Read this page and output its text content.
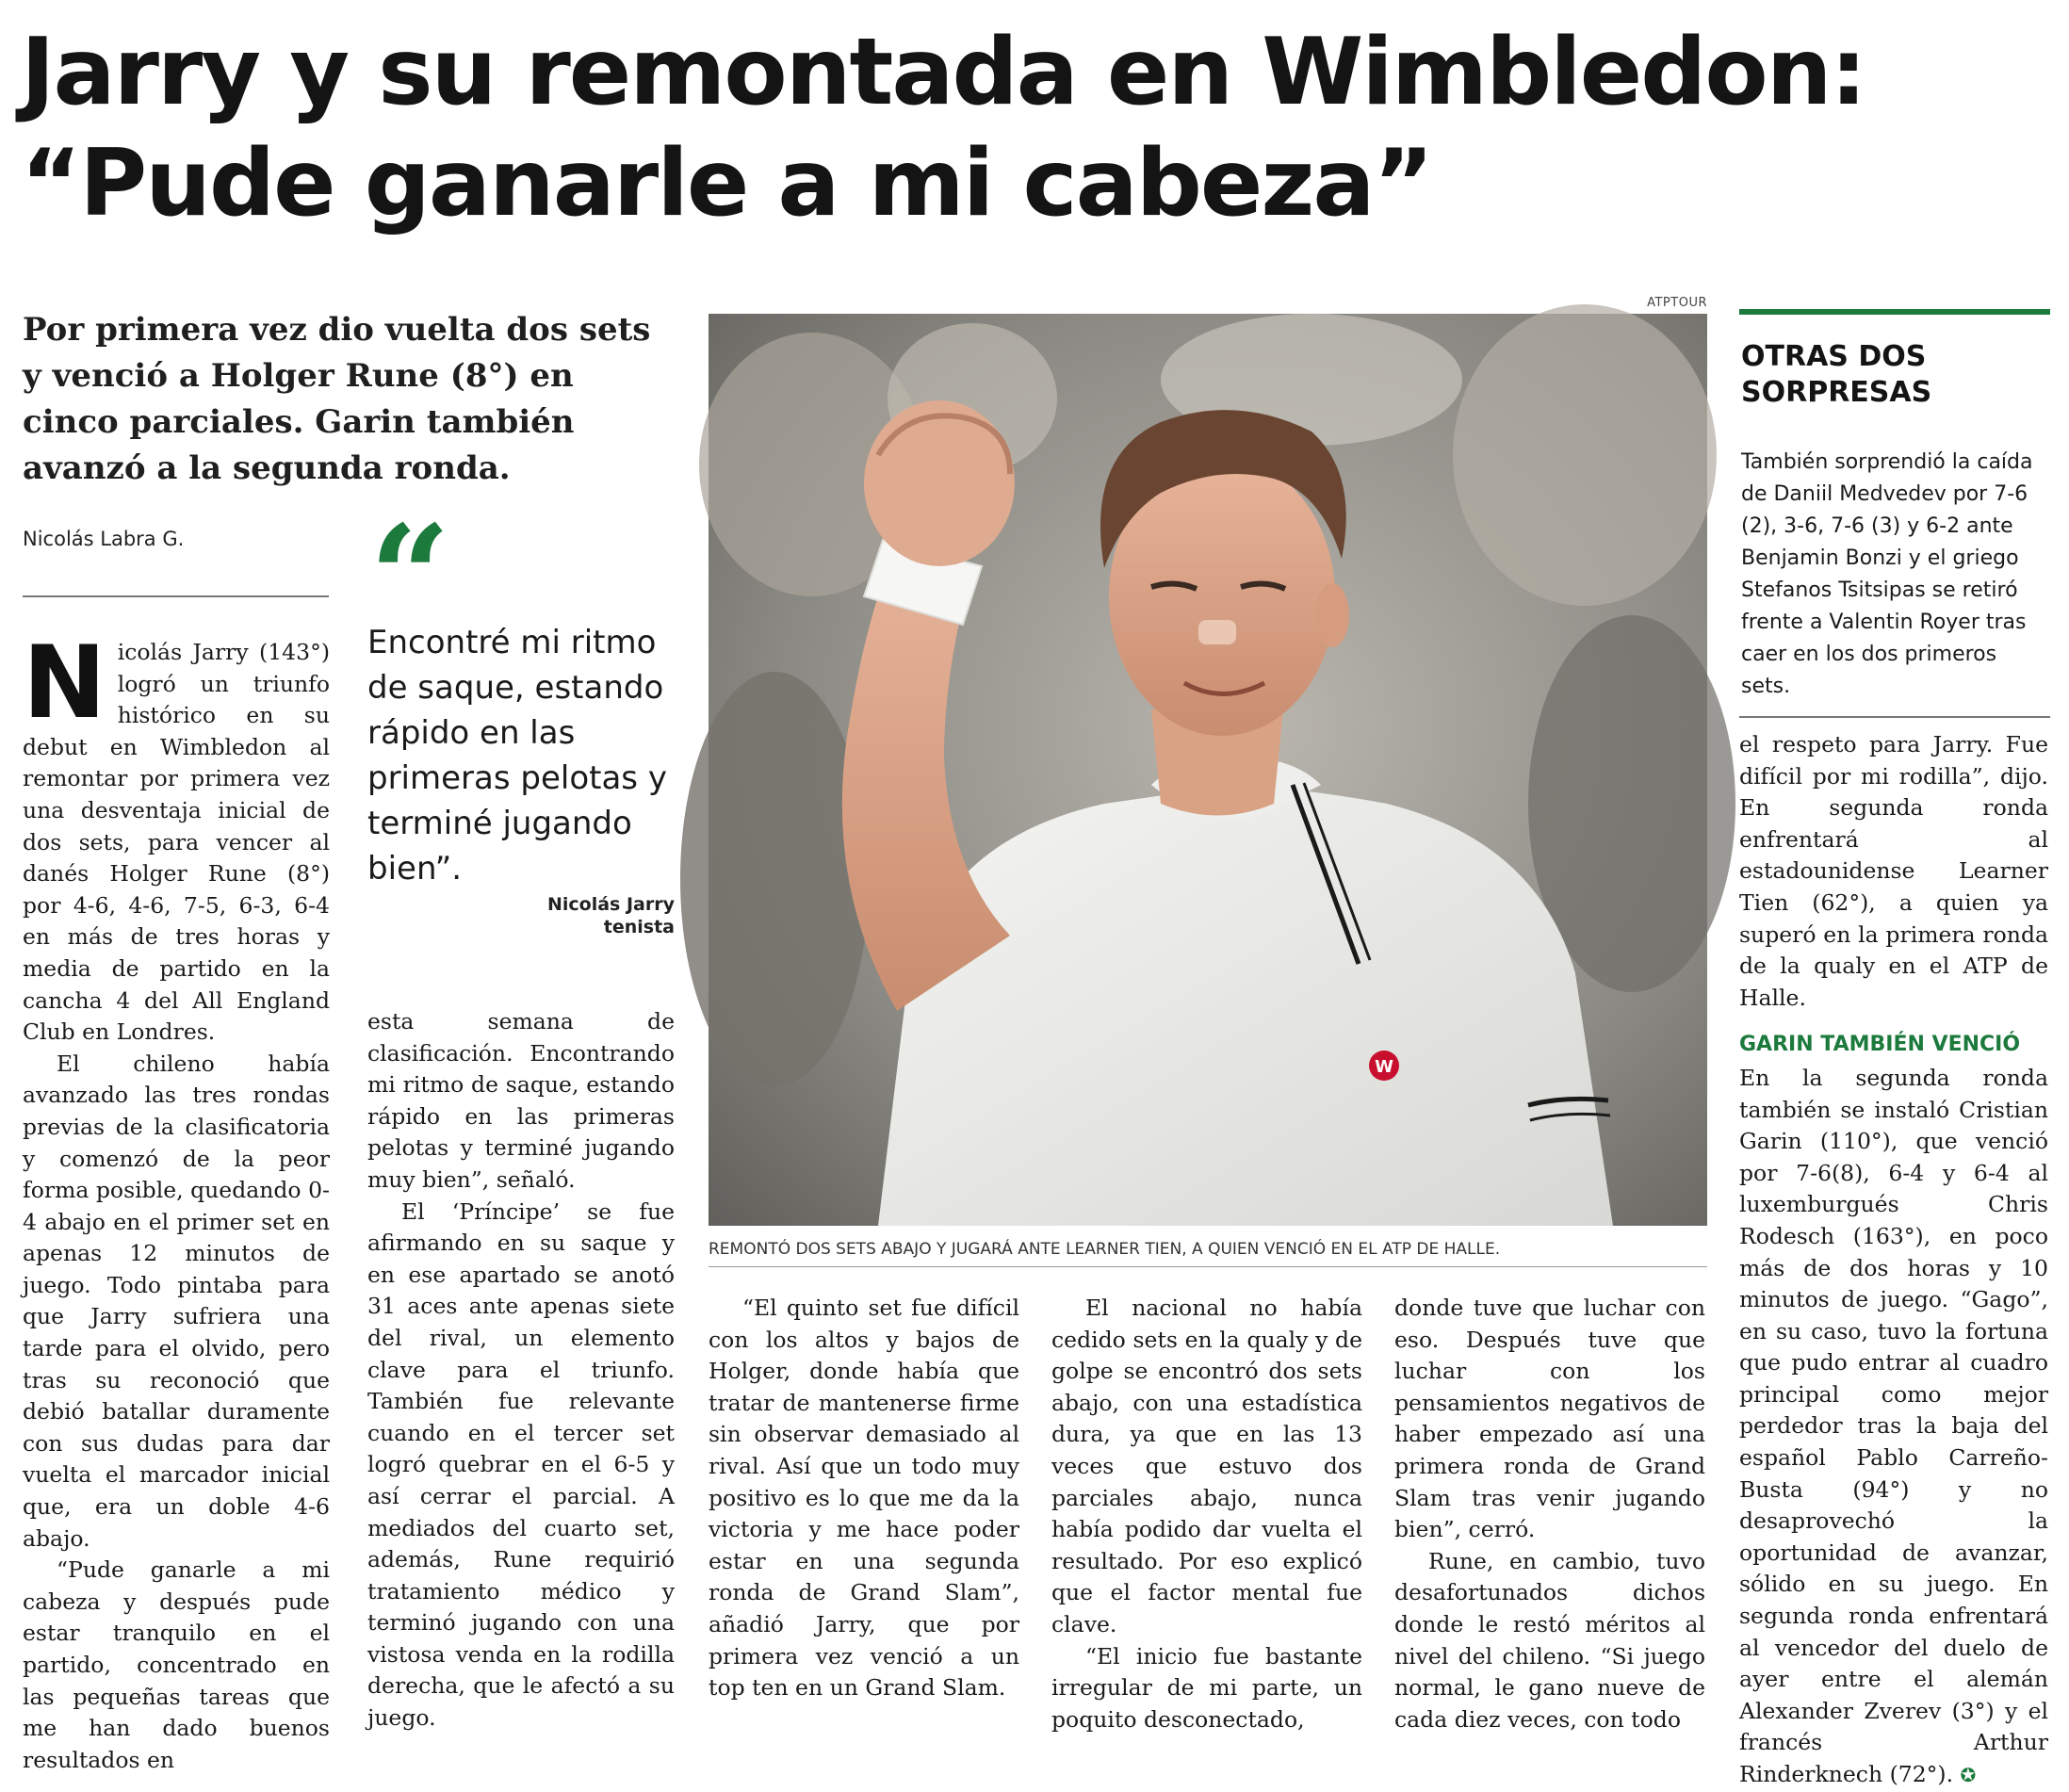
Jarry y su remontada en Wimbledon:
“Pude ganarle a mi cabeza”
Por primera vez dio vuelta dos sets y venció a Holger Rune (8°) en cinco parciales. Garin también avanzó a la segunda ronda.
Nicolás Labra G.

Nicolás Jarry (143°) logró un triunfo histórico en su debut en Wimbledon al remontar por primera vez una desventaja inicial de dos sets, para vencer al danés Holger Rune (8°) por 4-6, 4-6, 7-5, 6-3, 6-4 en más de tres horas y media de partido en la cancha 4 del All England Club en Londres.

El chileno había avanzado las tres rondas previas de la clasificatoria y comenzó de la peor forma posible, quedando 0-4 abajo en el primer set en apenas 12 minutos de juego. Todo pintaba para que Jarry sufriera una tarde para el olvido, pero tras su reconoció que debió batallar duramente con sus dudas para dar vuelta el marcador inicial que, era un doble 4-6 abajo.

“Pude ganarle a mi cabeza y después pude estar tranquilo en el partido, concentrado en las pequeñas tareas que me han dado buenos resultados en

“
Encontré mi ritmo de saque, estando rápido en las primeras pelotas y terminé jugando bien”.
Nicolás Jarry
tenista

esta semana de clasificación. Encontrando mi ritmo de saque, estando rápido en las primeras pelotas y terminé jugando muy bien”, señaló.

El ‘Príncipe’ se fue afirmando en su saque y en ese apartado se anotó 31 aces ante apenas siete del rival, un elemento clave para el triunfo. También fue relevante cuando en el tercer set logró quebrar en el 6-5 y así cerrar el parcial. A mediados del cuarto set, además, Rune requirió tratamiento médico y terminó jugando con una vistosa venda en la rodilla derecha, que le afectó a su juego.

ATPTOUR
W
REMONTÓ DOS SETS ABAJO Y JUGARÁ ANTE LEARNER TIEN, A QUIEN VENCIÓ EN EL ATP DE HALLE.

“El quinto set fue difícil con los altos y bajos de Holger, donde había que tratar de mantenerse firme sin observar demasiado al rival. Así que un todo muy positivo es lo que me da la victoria y me hace poder estar en una segunda ronda de Grand Slam”, añadió Jarry, que por primera vez venció a un top ten en un Grand Slam.

El nacional no había cedido sets en la qualy y de golpe se encontró dos sets abajo, con una estadística dura, ya que en las 13 veces que estuvo dos parciales abajo, nunca había podido dar vuelta el resultado. Por eso explicó que el factor mental fue clave.

“El inicio fue bastante irregular de mi parte, un poquito desconectado,

donde tuve que luchar con eso. Después tuve que luchar con los pensamientos negativos de haber empezado así una primera ronda de Grand Slam tras venir jugando bien”, cerró.

Rune, en cambio, tuvo desafortunados dichos donde le restó méritos al nivel del chileno. “Si juego normal, le gano nueve de cada diez veces, con todo

OTRAS DOS SORPRESAS
También sorprendió la caída de Daniil Medvedev por 7-6 (2), 3-6, 7-6 (3) y 6-2 ante Benjamin Bonzi y el griego Stefanos Tsitsipas se retiró frente a Valentin Royer tras caer en los dos primeros sets.

el respeto para Jarry. Fue difícil por mi rodilla”, dijo. En segunda ronda enfrentará al estadounidense Learner Tien (62°), a quien ya superó en la primera ronda de la qualy en el ATP de Halle.

GARIN TAMBIÉN VENCIÓ

En la segunda ronda también se instaló Cristian Garin (110°), que venció por 7-6(8), 6-4 y 6-4 al luxemburgués Chris Rodesch (163°), en poco más de dos horas y 10 minutos de juego. “Gago”, en su caso, tuvo la fortuna que pudo entrar al cuadro principal como mejor perdedor tras la baja del español Pablo Carreño-Busta (94°) y no desaprovechó la oportunidad de avanzar, sólido en su juego. En segunda ronda enfrentará al vencedor del duelo de ayer entre el alemán Alexander Zverev (3°) y el francés Arthur Rinderknech (72°). ✪
